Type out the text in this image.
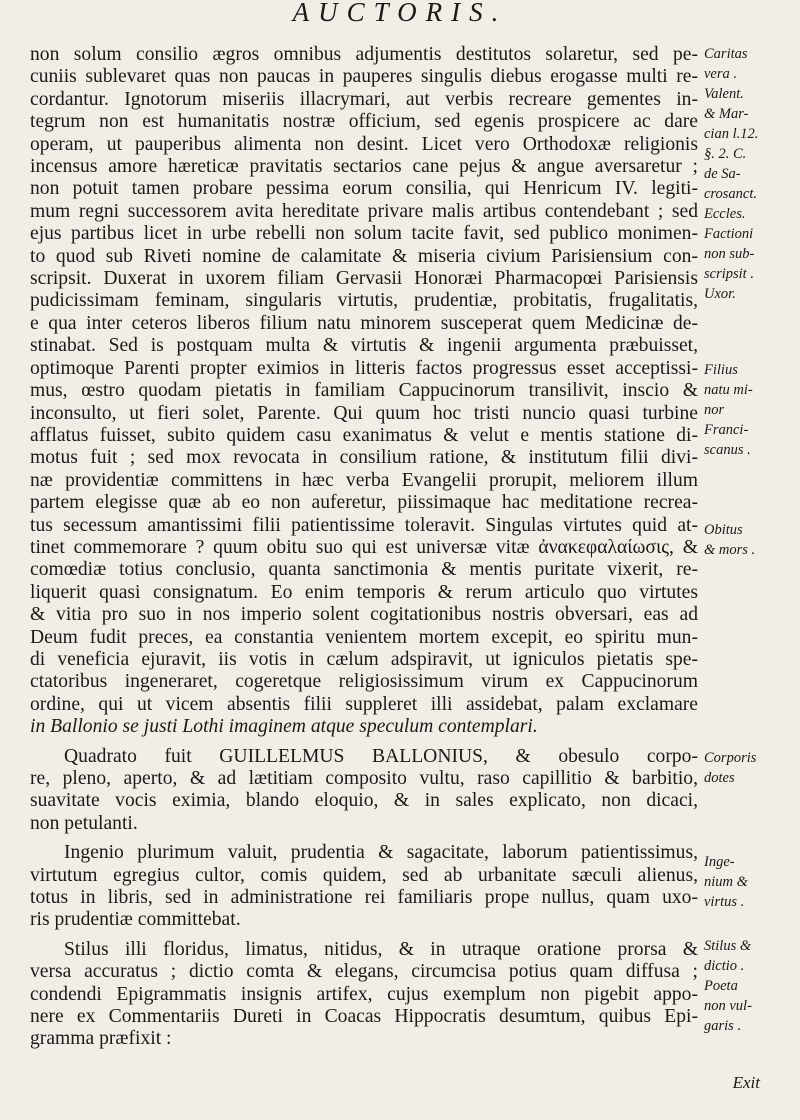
AUCTORIS.
non solum consilio ægros omnibus adjumentis destitutos solaretur, sed pe-
cuniis sublevaret quas non paucas in pauperes singulis diebus erogasse multi re-
cordantur. Ignotorum miseriis illacrymari, aut verbis recreare gementes in-
tegrum non est humanitatis nostræ officium, sed egenis prospicere ac dare
operam, ut pauperibus alimenta non desint. Licet vero Orthodoxæ religionis
incensus amore hæreticæ pravitatis sectarios cane pejus & angue aversaretur ;
non potuit tamen probare pessima eorum consilia, qui Henricum IV. legiti-
mum regni successorem avita hereditate privare malis artibus contendebant ; sed
ejus partibus licet in urbe rebelli non solum tacite favit, sed publico monimen-
to quod sub Riveti nomine de calamitate & miseria civium Parisiensium con-
scripsit. Duxerat in uxorem filiam Gervasii Honoræi Pharmacopœi Parisiensis
pudicissimam feminam, singularis virtutis, prudentiæ, probitatis, frugalitatis,
e qua inter ceteros liberos filium natu minorem susceperat quem Medicinæ de-
stinabat. Sed is postquam multa & virtutis & ingenii argumenta præbuisset,
optimoque Parenti propter eximios in litteris factos progressus esset acceptissi-
mus, œstro quodam pietatis in familiam Cappucinorum transilivit, inscio &
inconsulto, ut fieri solet, Parente. Qui quum hoc tristi nuncio quasi turbine
afflatus fuisset, subito quidem casu exanimatus & velut e mentis statione di-
motus fuit ; sed mox revocata in consilium ratione, & institutum filii divi-
næ providentiæ committens in hæc verba Evangelii prorupit, meliorem illum
partem elegisse quæ ab eo non auferetur, piissimaque hac meditatione recrea-
tus secessum amantissimi filii patientissime toleravit. Singulas virtutes quid at-
tinet commemorare ? quum obitu suo qui est universæ vitæ ἀνακεφαλαίωσις, &
comœdiæ totius conclusio, quanta sanctimonia & mentis puritate vixerit, re-
liquerit quasi consignatum. Eo enim temporis & rerum articulo quo virtutes
& vitia pro suo in nos imperio solent cogitationibus nostris obversari, eas ad
Deum fudit preces, ea constantia venientem mortem excepit, eo spiritu mun-
di veneficia ejuravit, iis votis in cælum adspiravit, ut igniculos pietatis spe-
ctatoribus ingeneraret, cogeretque religiosissimum virum ex Cappucinorum
ordine, qui ut vicem absentis filii suppleret illi assidebat, palam exclamare
in Ballonio se justi Lothi imaginem atque speculum contemplari.
Quadrato fuit GUILLELMUS BALLONIUS, & obesulo corpo-
re, pleno, aperto, & ad lætitiam composito vultu, raso capillitio & barbitio,
suavitate vocis eximia, blando eloquio, & in sales explicato, non dicaci,
non petulanti.
Ingenio plurimum valuit, prudentia & sagacitate, laborum patientissimus,
virtutum egregius cultor, comis quidem, sed ab urbanitate sæculi alienus,
totus in libris, sed in administratione rei familiaris prope nullus, quam uxo-
ris prudentiæ committebat.
Stilus illi floridus, limatus, nitidus, & in utraque oratione prorsa &
versa accuratus ; dictio comta & elegans, circumcisa potius quam diffusa ;
condendi Epigrammatis insignis artifex, cujus exemplum non pigebit appo-
nere ex Commentariis Dureti in Coacas Hippocratis desumtum, quibus Epi-
gramma præfixit :
Caritas
vera .
Valent.
& Mar-
cian l.12.
§. 2. C.
de Sa-
crosanct.
Eccles.
Factioni
non sub-
scripsit .
Uxor.
Filius
natu mi-
nor
Franci-
scanus .
Obitus
& mors .
Corporis
dotes
Inge-
nium &
virtus .
Stilus &
dictio .
Poeta
non vul-
garis .
Exit
